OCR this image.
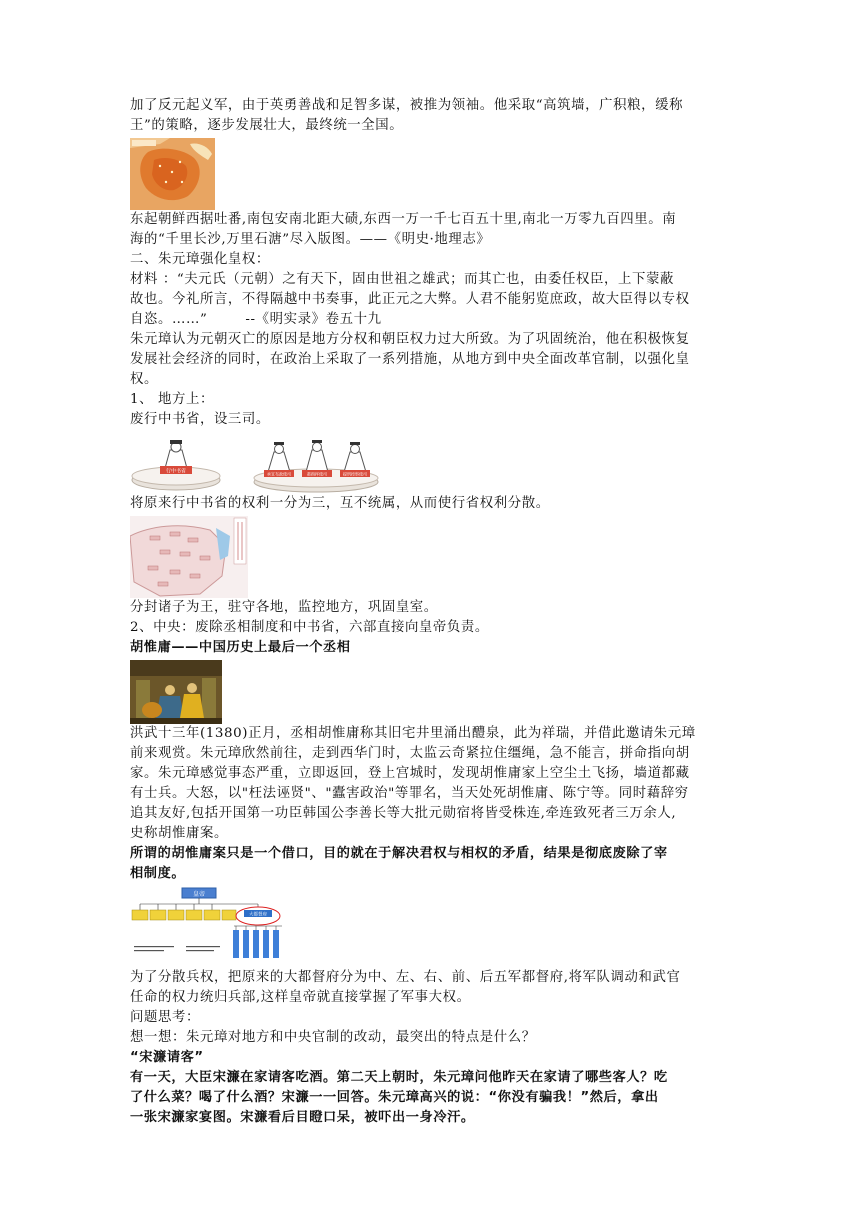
加了反元起义军，由于英勇善战和足智多谋，被推为领袖。他采取“高筑墙，广积粮，缓称

王”的策略，逐步发展壮大，最终统一全国。

东起朝鲜西据吐番,南包安南北距大碛,东西一万一千七百五十里,南北一万零九百四里。南

海的“千里长沙,万里石溏”尽入版图。——《明史·地理志》

二、朱元璋强化皇权：

材料 ：“夫元氏（元朝）之有天下，固由世祖之雄武；而其亡也，由委任权臣，上下蒙蔽

故也。今礼所言，不得隔越中书奏事，此正元之大弊。人君不能躬览庶政，故大臣得以专权

自恣。……”	--《明实录》卷五十九

朱元璋认为元朝灭亡的原因是地方分权和朝臣权力过大所致。为了巩固统治，他在积极恢复

发展社会经济的同时，在政治上采取了一系列措施，从地方到中央全面改革官制，以强化皇

权。

1、 地方上：

废行中书省，设三司。

行中书省	承宣布政使司	都指挥使司	提刑按察使司

将原来行中书省的权利一分为三，互不统属，从而使行省权利分散。

分封诸子为王，驻守各地，监控地方，巩固皇室。

2、中央：废除丞相制度和中书省，六部直接向皇帝负责。

胡惟庸——中国历史上最后一个丞相

洪武十三年(1380)正月，丞相胡惟庸称其旧宅井里涌出醴泉，此为祥瑞，并借此邀请朱元璋

前来观赏。朱元璋欣然前往，走到西华门时，太监云奇紧拉住缰绳，急不能言，拼命指向胡

家。朱元璋感觉事态严重，立即返回，登上宫城时，发现胡惟庸家上空尘土飞扬，墙道都藏

有士兵。大怒，以"枉法诬贤"、"蠹害政治"等罪名，当天处死胡惟庸、陈宁等。同时藉辞穷

追其友好,包括开国第一功臣韩国公李善长等大批元勋宿将皆受株连,牵连致死者三万余人,

史称胡惟庸案。

所谓的胡惟庸案只是一个借口，目的就在于解决君权与相权的矛盾，结果是彻底废除了宰

相制度。

皇帝
大都督府

为了分散兵权，把原来的大都督府分为中、左、右、前、后五军都督府,将军队调动和武官

任命的权力统归兵部,这样皇帝就直接掌握了军事大权。

问题思考：

想一想：朱元璋对地方和中央官制的改动，最突出的特点是什么？

“宋濂请客”

有一天，大臣宋濂在家请客吃酒。第二天上朝时，朱元璋问他昨天在家请了哪些客人？吃

了什么菜？喝了什么酒？宋濂一一回答。朱元璋高兴的说：“你没有骗我！”然后，拿出

一张宋濂家宴图。宋濂看后目瞪口呆，被吓出一身冷汗。
